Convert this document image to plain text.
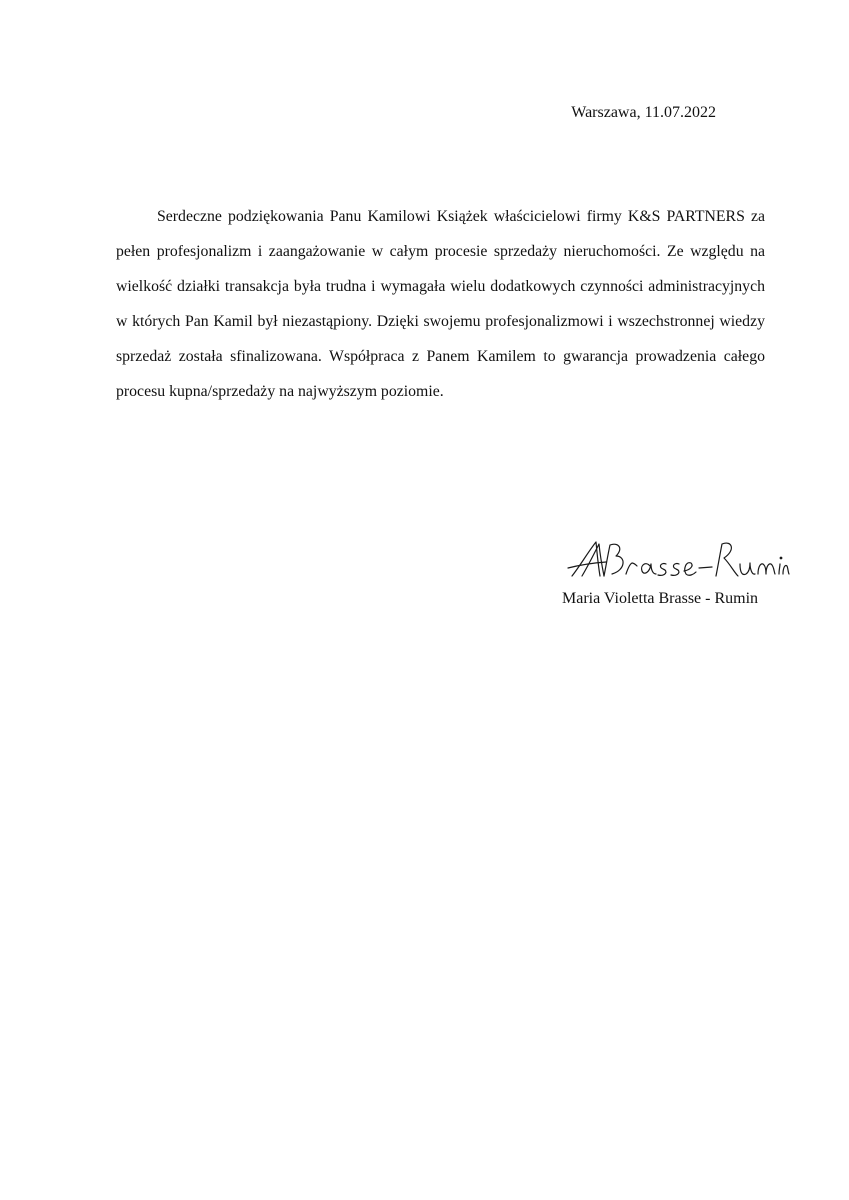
Warszawa, 11.07.2022

Serdeczne podziękowania Panu Kamilowi Książek właścicielowi firmy K&S PARTNERS za pełen profesjonalizm i zaangażowanie w całym procesie sprzedaży nieruchomości. Ze względu na wielkość działki transakcja była trudna i wymagała wielu dodatkowych czynności administracyjnych w których Pan Kamil był niezastąpiony. Dzięki swojemu profesjonalizmowi i wszechstronnej wiedzy sprzedaż została sfinalizowana. Współpraca z Panem Kamilem to gwarancja prowadzenia całego procesu kupna/sprzedaży na najwyższym poziomie.

Maria Violetta Brasse - Rumin
